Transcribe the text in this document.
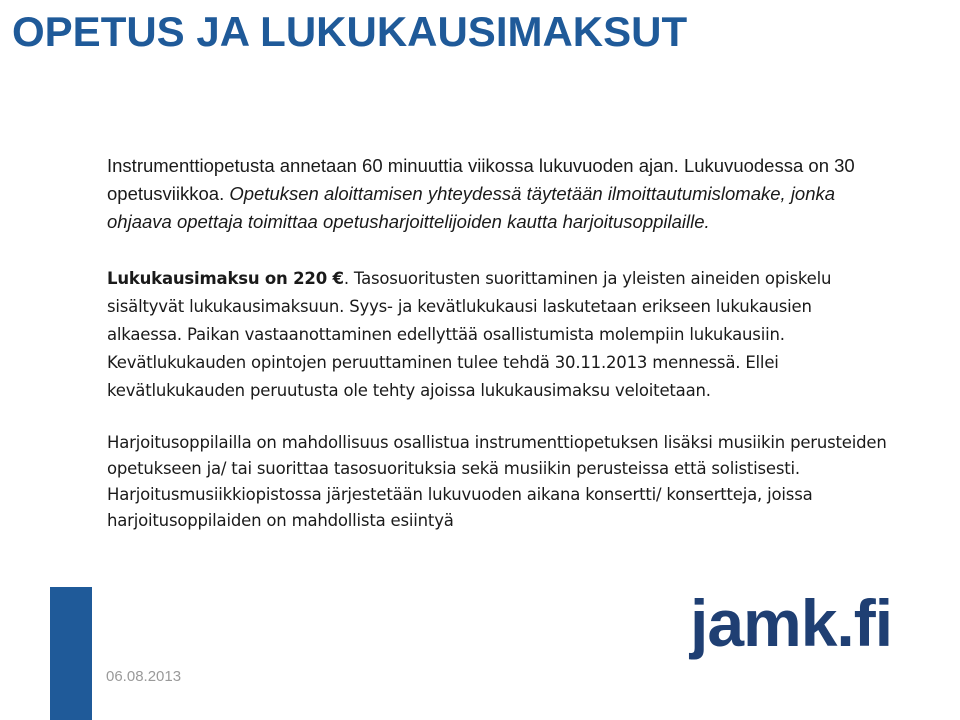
OPETUS JA LUKUKAUSIMAKSUT
Instrumenttiopetusta annetaan 60 minuuttia viikossa lukuvuoden ajan. Lukuvuodessa on 30 opetusviikkoa. Opetuksen aloittamisen yhteydessä täytetään ilmoittautumislomake, jonka ohjaava opettaja toimittaa opetusharjoittelijoiden kautta harjoitusoppilaille.
Lukukausimaksu on 220 €. Tasosuoritusten suorittaminen ja yleisten aineiden opiskelu sisältyvät lukukausimaksuun. Syys- ja kevätlukukausi laskutetaan erikseen lukukausien alkaessa. Paikan vastaanottaminen edellyttää osallistumista molempiin lukukausiin. Kevätlukukauden opintojen peruuttaminen tulee tehdä 30.11.2013 mennessä. Ellei kevätlukukauden peruutusta ole tehty ajoissa lukukausimaksu veloitetaan.
Harjoitusoppilailla on mahdollisuus osallistua instrumenttiopetuksen lisäksi musiikin perusteiden opetukseen ja/ tai suorittaa tasosuorituksia sekä musiikin perusteissa että solistisesti. Harjoitusmusiikkiopistossa järjestetään lukuvuoden aikana konsertti/ konsertteja, joissa harjoitusoppilaiden on mahdollista esiintyä
06.08.2013
jamk.fi
